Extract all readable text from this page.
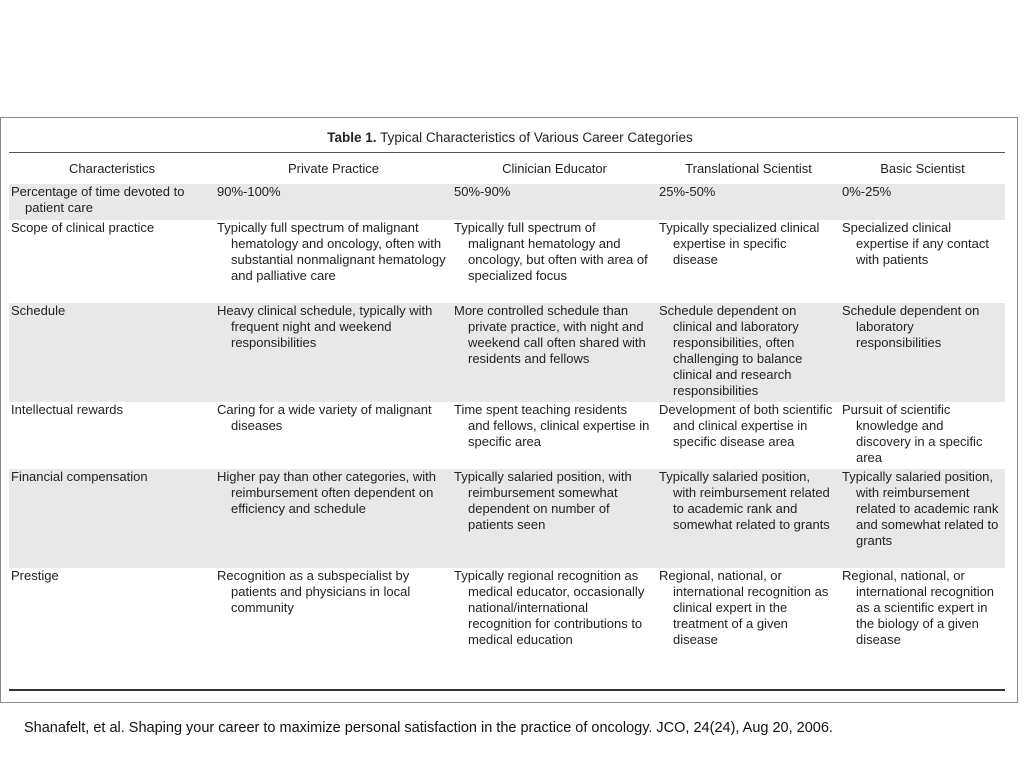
Table 1. Typical Characteristics of Various Career Categories
Characteristics	Private Practice	Clinician Educator	Translational Scientist	Basic Scientist

Percentage of time devoted to patient care	90%-100%	50%-90%	25%-50%	0%-25%

Scope of clinical practice	Typically full spectrum of malignant hematology and oncology, often with substantial nonmalignant hematology and palliative care	Typically full spectrum of malignant hematology and oncology, but often with area of specialized focus	Typically specialized clinical expertise in specific disease	Specialized clinical expertise if any contact with patients

Schedule	Heavy clinical schedule, typically with frequent night and weekend responsibilities	More controlled schedule than private practice, with night and weekend call often shared with residents and fellows	Schedule dependent on clinical and laboratory responsibilities, often challenging to balance clinical and research responsibilities	Schedule dependent on laboratory responsibilities

Intellectual rewards	Caring for a wide variety of malignant diseases	Time spent teaching residents and fellows, clinical expertise in specific area	Development of both scientific and clinical expertise in specific disease area	Pursuit of scientific knowledge and discovery in a specific area

Financial compensation	Higher pay than other categories, with reimbursement often dependent on efficiency and schedule	Typically salaried position, with reimbursement somewhat dependent on number of patients seen	Typically salaried position, with reimbursement related to academic rank and somewhat related to grants	Typically salaried position, with reimbursement related to academic rank and somewhat related to grants

Prestige	Recognition as a subspecialist by patients and physicians in local community	Typically regional recognition as medical educator, occasionally national/international recognition for contributions to medical education	Regional, national, or international recognition as clinical expert in the treatment of a given disease	Regional, national, or international recognition as a scientific expert in the biology of a given disease
Shanafelt, et al. Shaping your career to maximize personal satisfaction in the practice of oncology. JCO, 24(24), Aug 20, 2006.
